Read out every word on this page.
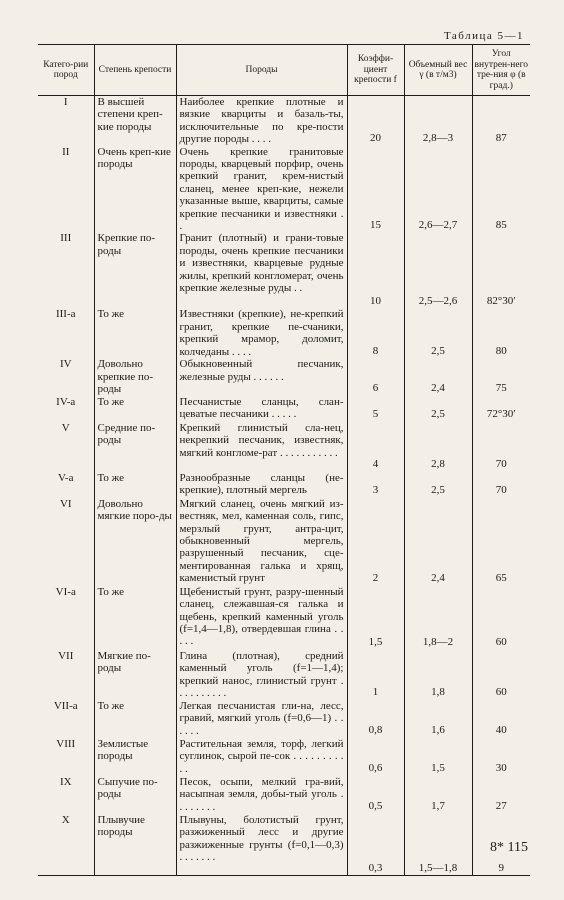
Таблица 5—1
Катего-рии пород	Степень крепости	Породы	Коэффи-циент крепости f	Объемный вес γ (в т/м3)	Угол внутрен-него тре-ния φ (в град.)
I	В высшей степени креп-кие породы	Наиболее крепкие плотные и вязкие кварциты и базаль-ты, исключительные по кре-пости другие породы . . . .	20	2,8—3	87
II	Очень креп-кие породы	Очень крепкие гранитовые породы, кварцевый порфир, очень крепкий гранит, крем-нистый сланец, менее креп-кие, нежели указанные выше, кварциты, самые крепкие песчаники и известняки . .	15	2,6—2,7	85
III	Крепкие по-роды	Гранит (плотный) и грани-товые породы, очень крепкие песчаники и известняки, кварцевые рудные жилы, крепкий конгломерат, очень крепкие железные руды . .	10	2,5—2,6	82°30′
III-а	То же	Известняки (крепкие), не-крепкий гранит, крепкие пе-счаники, крепкий мрамор, доломит, колчеданы . . . .	8	2,5	80
IV	Довольно крепкие по-роды	Обыкновенный песчаник, железные руды . . . . . .	6	2,4	75
IV-а	То же	Песчанистые сланцы, слан-цеватые песчаники . . . . .	5	2,5	72°30′
V	Средние по-роды	Крепкий глинистый сла-нец, некрепкий песчаник, известняк, мягкий конгломе-рат . . . . . . . . . . .	4	2,8	70
V-а	То же	Разнообразные сланцы (не-крепкие), плотный мергель	3	2,5	70
VI	Довольно мягкие поро-ды	Мягкий сланец, очень мягкий из-вестняк, мел, каменная соль, гипс, мерзлый грунт, антра-цит, обыкновенный мергель, разрушенный песчаник, сце-ментированная галька и хрящ, каменистый грунт	2	2,4	65
VI-а	То же	Щебенистый грунт, разру-шенный сланец, слежавшая-ся галька и щебень, крепкий каменный уголь (f=1,4—1,8), отвердевшая глина . . . . .	1,5	1,8—2	60
VII	Мягкие по-роды	Глина (плотная), средний каменный уголь (f=1—1,4); крепкий нанос, глинистый грунт . . . . . . . . . .	1	1,8	60
VII-а	То же	Легкая песчанистая гли-на, лесс, гравий, мягкий уголь (f=0,6—1) . . . . . .	0,8	1,6	40
VIII	Землистые породы	Растительная земля, торф, легкий суглинок, сырой пе-сок . . . . . . . . . . .	0,6	1,5	30
IX	Сыпучие по-роды	Песок, осыпи, мелкий гра-вий, насыпная земля, добы-тый уголь . . . . . . . .	0,5	1,7	27
X	Плывучие породы	Плывуны, болотистый грунт, разжиженный лесс и другие разжиженные грунты (f=0,1—0,3) . . . . . . .	0,3	1,5—1,8	9
8* 115
